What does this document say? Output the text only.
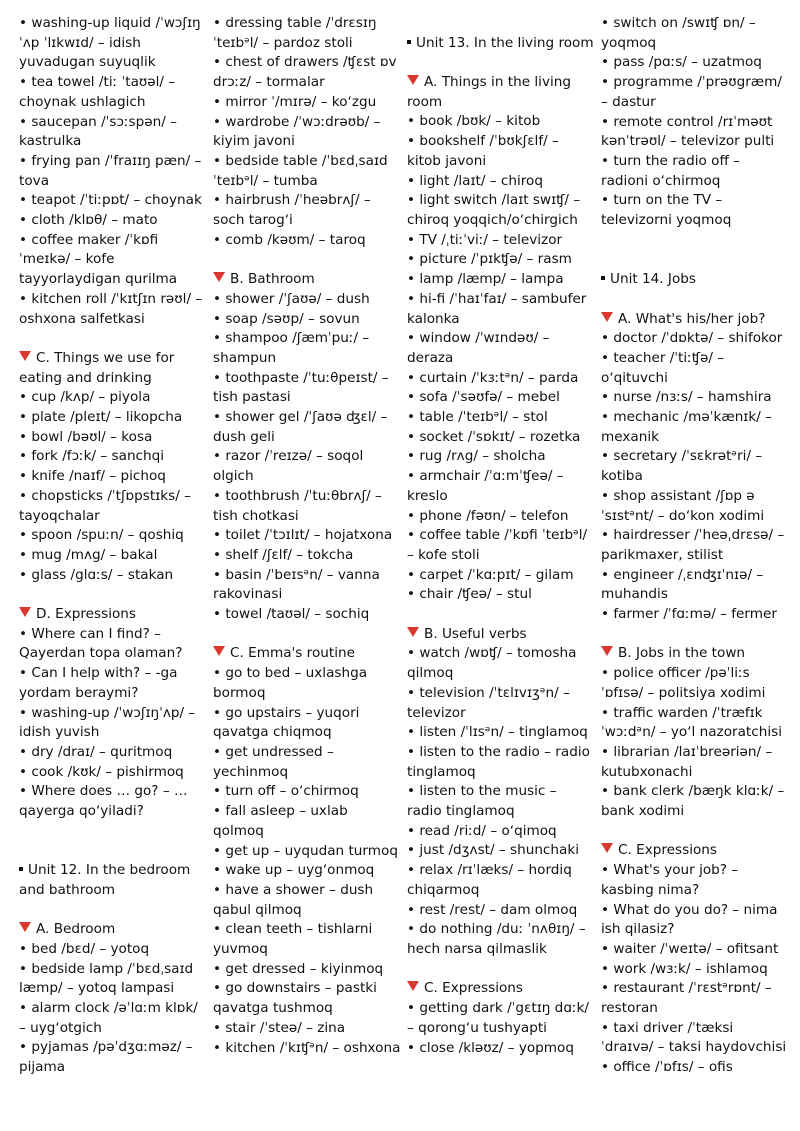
• washing-up liquid /ˈwɔʃɪŋˈʌp ˈlɪkwɪd/ – idish yuvadugan suyuqlik

• tea towel /tiː ˈtaʊəl/ – choynak ushlagich

• saucepan /ˈsɔːspən/ – kastrulka

• frying pan /ˈfraɪɪŋ pæn/ – tova

• teapot /ˈtiːpɒt/ – choynak

• cloth /klɒθ/ – mato

• coffee maker /ˈkɒfi ˈmeɪkə/ – kofe tayyorlaydigan qurilma

• kitchen roll /ˈkɪtʃɪn rəʊl/ – oshxona salfetkasi

C. Things we use for eating and drinking

• cup /kʌp/ – piyola

• plate /pleɪt/ – likopcha

• bowl /bəʊl/ – kosa

• fork /fɔːk/ – sanchqi

• knife /naɪf/ – pichoq

• chopsticks /ˈtʃɒpstɪks/ – tayoqchalar

• spoon /spuːn/ – qoshiq

• mug /mʌg/ – bakal

• glass /glɑːs/ – stakan

D. Expressions

• Where can I find? – Qayerdan topa olaman?

• Can I help with? – -ga yordam beraymi?

• washing-up /ˈwɔʃɪŋˈʌp/ – idish yuvish

• dry /draɪ/ – quritmoq

• cook /kʊk/ – pishirmoq

• Where does … go? – … qayerga qoʻyiladi?

Unit 12. In the bedroom and bathroom

A. Bedroom

• bed /bɛd/ – yotoq

• bedside lamp /ˈbɛdˌsaɪd læmp/ – yotoq lampasi

• alarm clock /əˈlɑːm klɒk/ – uygʻotgich

• pyjamas /pəˈdʒɑːməz/ – pijama

• dressing table /ˈdrɛsɪŋ ˈteɪbᵊl/ – pardoz stoli

• chest of drawers /ʧɛst ɒv drɔːz/ – tormalar

• mirror ˈ/mɪrə/ – koʻzgu

• wardrobe /ˈwɔːdrəʊb/ – kiyim javoni

• bedside table /ˈbɛdˌsaɪd ˈteɪbᵊl/ – tumba

• hairbrush /ˈheəbrʌʃ/ – soch tarogʻi

• comb /kəʊm/ – taroq

B. Bathroom

• shower /ˈʃaʊə/ – dush

• soap /səʊp/ – sovun

• shampoo /ʃæmˈpuː/ – shampun

• toothpaste /ˈtuːθpeɪst/ – tish pastasi

• shower gel /ˈʃaʊə ʤɛl/ – dush geli

• razor /ˈreɪzə/ – soqol olgich

• toothbrush /ˈtuːθbrʌʃ/ – tish chotkasi

• toilet /ˈtɔɪlɪt/ – hojatxona

• shelf /ʃɛlf/ – tokcha

• basin /ˈbeɪsᵊn/ – vanna rakovinasi

• towel /taʊəl/ – sochiq

C. Emma's routine

• go to bed – uxlashga bormoq

• go upstairs – yuqori qavatga chiqmoq

• get undressed – yechinmoq

• turn off – oʻchirmoq

• fall asleep – uxlab qolmoq

• get up – uyqudan turmoq

• wake up – uygʻonmoq

• have a shower – dush qabul qilmoq

• clean teeth – tishlarni yuvmoq

• get dressed – kiyinmoq

• go downstairs – pastki qavatga tushmoq

• stair /ˈsteə/ – zina

• kitchen /ˈkɪʧᵊn/ – oshxona

Unit 13. In the living room

A. Things in the living room

• book /bʊk/ – kitob

• bookshelf /ˈbʊkʃɛlf/ – kitob javoni

• light /laɪt/ – chiroq

• light switch /laɪt swɪʧ/ – chiroq yoqqich/oʻchirgich

• TV /ˌtiːˈviː/ – televizor

• picture /ˈpɪkʧə/ – rasm

• lamp /læmp/ – lampa

• hi-fi /ˈhaɪˈfaɪ/ – sambufer kalonka

• window /ˈwɪndəʊ/ – deraza

• curtain /ˈkɜːtᵊn/ – parda

• sofa /ˈsəʊfə/ – mebel

• table /ˈteɪbᵊl/ – stol

• socket /ˈsɒkɪt/ – rozetka

• rug /rʌg/ – sholcha

• armchair /ˈɑːmˈʧeə/ – kreslo

• phone /fəʊn/ – telefon

• coffee table /ˈkɒfi ˈteɪbᵊl/ – kofe stoli

• carpet /ˈkɑːpɪt/ – gilam

• chair /ʧeə/ – stul

B. Useful verbs

• watch /wɒʧ/ – tomosha qilmoq

• television /ˈtɛlɪvɪʒᵊn/ – televizor

• listen /ˈlɪsᵊn/ – tinglamoq

• listen to the radio – radio tinglamoq

• listen to the music – radio tinglamoq

• read /riːd/ – oʻqimoq

• just /dʒʌst/ – shunchaki

• relax /rɪˈlæks/ – hordiq chiqarmoq

• rest /rest/ – dam olmoq

• do nothing /duː ˈnʌθɪŋ/ – hech narsa qilmaslik

C. Expressions

• getting dark /ˈgɛtɪŋ dɑːk/ – qorongʻu tushyapti

• close /kləʊz/ – yopmoq

• switch on /swɪʧ ɒn/ – yoqmoq

• pass /pɑːs/ – uzatmoq

• programme /ˈprəʊgræm/ – dastur

• remote control /rɪˈməʊt kənˈtrəʊl/ – televizor pulti

• turn the radio off – radioni oʻchirmoq

• turn on the TV – televizorni yoqmoq

Unit 14. Jobs

A. What's his/her job?

• doctor /ˈdɒktə/ – shifokor

• teacher /ˈtiːʧə/ – oʻqituvchi

• nurse /nɜːs/ – hamshira

• mechanic /məˈkænɪk/ – mexanik

• secretary /ˈsɛkrətᵊri/ – kotiba

• shop assistant /ʃɒp ə ˈsɪstᵊnt/ – doʻkon xodimi

• hairdresser /ˈheəˌdrɛsə/ – parikmaxer, stilist

• engineer /ˌɛnʤɪˈnɪə/ – muhandis

• farmer /ˈfɑːmə/ – fermer

B. Jobs in the town

• police officer /pəˈliːs ˈɒfɪsə/ – politsiya xodimi

• traffic warden /ˈtræfɪk ˈwɔːdᵊn/ – yoʻl nazoratchisi

• librarian /laɪˈbreəriən/ – kutubxonachi

• bank clerk /bæŋk klɑːk/ – bank xodimi

C. Expressions

• What's your job? – kasbing nima?

• What do you do? – nima ish qilasiz?

• waiter /ˈweɪtə/ – ofitsant

• work /wɜːk/ – ishlamoq

• restaurant /ˈrɛstᵊrɒnt/ – restoran

• taxi driver /ˈtæksi ˈdraɪvə/ – taksi haydovchisi

• office /ˈɒfɪs/ – ofis
